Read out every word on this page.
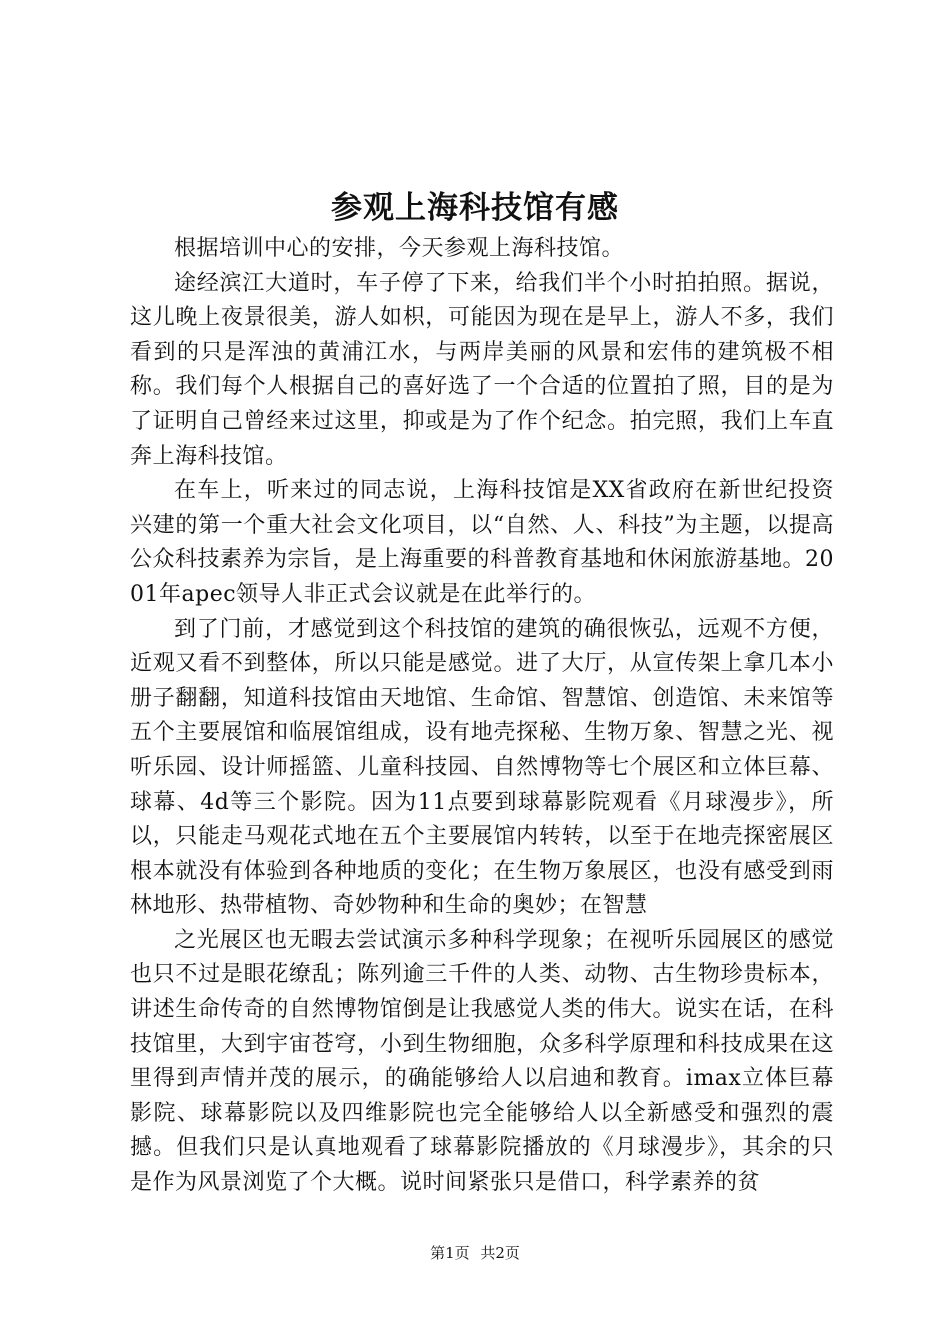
参观上海科技馆有感

根据培训中心的安排，今天参观上海科技馆。

途经滨江大道时，车子停了下来，给我们半个小时拍拍照。据说，这儿晚上夜景很美，游人如枳，可能因为现在是早上，游人不多，我们看到的只是浑浊的黄浦江水，与两岸美丽的风景和宏伟的建筑极不相称。我们每个人根据自己的喜好选了一个合适的位置拍了照，目的是为了证明自己曾经来过这里，抑或是为了作个纪念。拍完照，我们上车直奔上海科技馆。

在车上，听来过的同志说，上海科技馆是XX省政府在新世纪投资兴建的第一个重大社会文化项目，以“自然、人、科技”为主题，以提高公众科技素养为宗旨，是上海重要的科普教育基地和休闲旅游基地。2001年apec领导人非正式会议就是在此举行的。

到了门前，才感觉到这个科技馆的建筑的确很恢弘，远观不方便，近观又看不到整体，所以只能是感觉。进了大厅，从宣传架上拿几本小册子翻翻，知道科技馆由天地馆、生命馆、智慧馆、创造馆、未来馆等五个主要展馆和临展馆组成，设有地壳探秘、生物万象、智慧之光、视听乐园、设计师摇篮、儿童科技园、自然博物等七个展区和立体巨幕、球幕、4d等三个影院。因为11点要到球幕影院观看《月球漫步》，所以，只能走马观花式地在五个主要展馆内转转，以至于在地壳探密展区根本就没有体验到各种地质的变化；在生物万象展区，也没有感受到雨林地形、热带植物、奇妙物种和生命的奥妙；在智慧

之光展区也无暇去尝试演示多种科学现象；在视听乐园展区的感觉也只不过是眼花缭乱；陈列逾三千件的人类、动物、古生物珍贵标本，讲述生命传奇的自然博物馆倒是让我感觉人类的伟大。说实在话，在科技馆里，大到宇宙苍穹，小到生物细胞，众多科学原理和科技成果在这里得到声情并茂的展示，的确能够给人以启迪和教育。imax立体巨幕影院、球幕影院以及四维影院也完全能够给人以全新感受和强烈的震撼。但我们只是认真地观看了球幕影院播放的《月球漫步》，其余的只是作为风景浏览了个大概。说时间紧张只是借口，科学素养的贫

第1页 共2页
